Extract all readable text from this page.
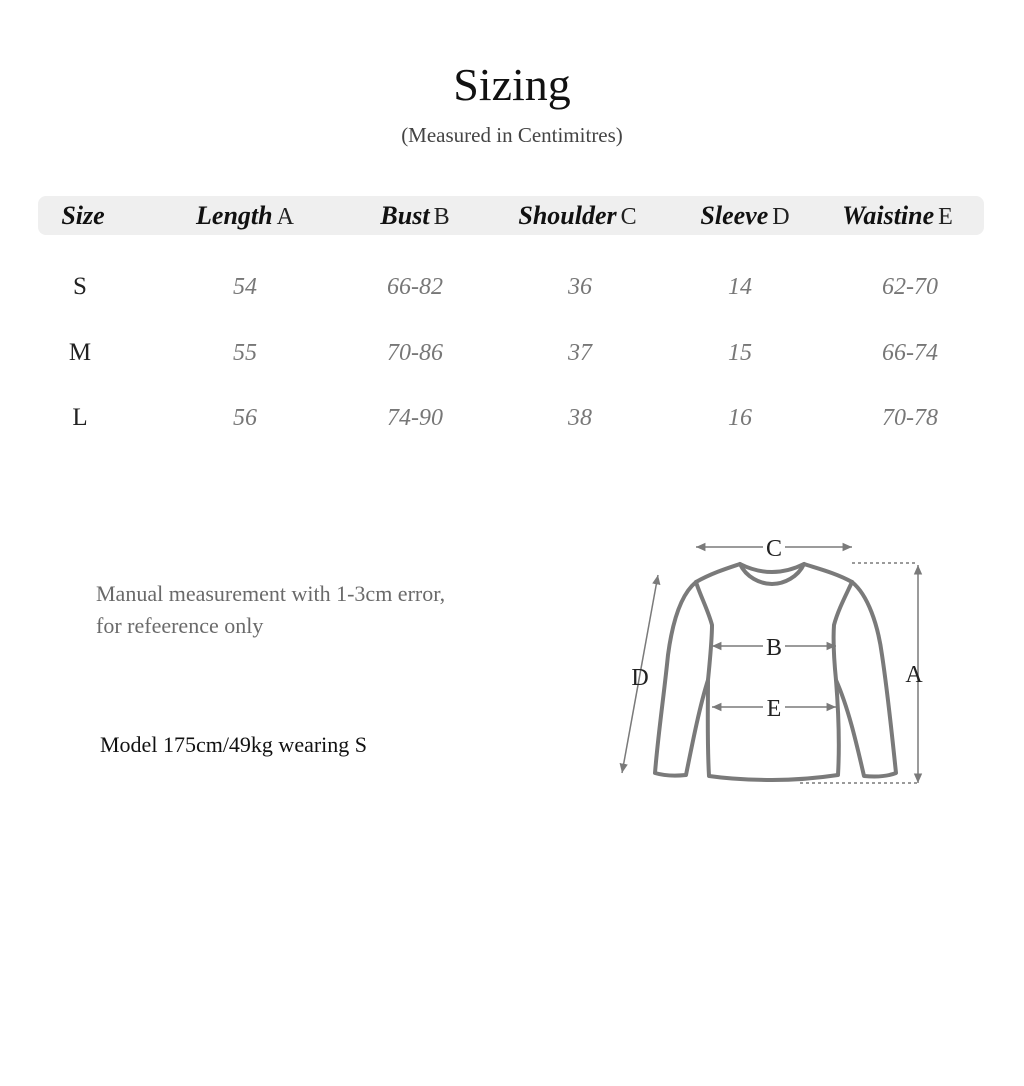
Sizing
(Measured in Centimitres)
Size	Length A	Bust B	Shoulder C	Sleeve D	Waistine E
S	54	66-82	36	14	62-70
M	55	70-86	37	15	66-74
L	56	74-90	38	16	70-78
Manual measurement with 1-3cm error,
for refeerence only
Model 175cm/49kg wearing S
C
B
E
D	A
